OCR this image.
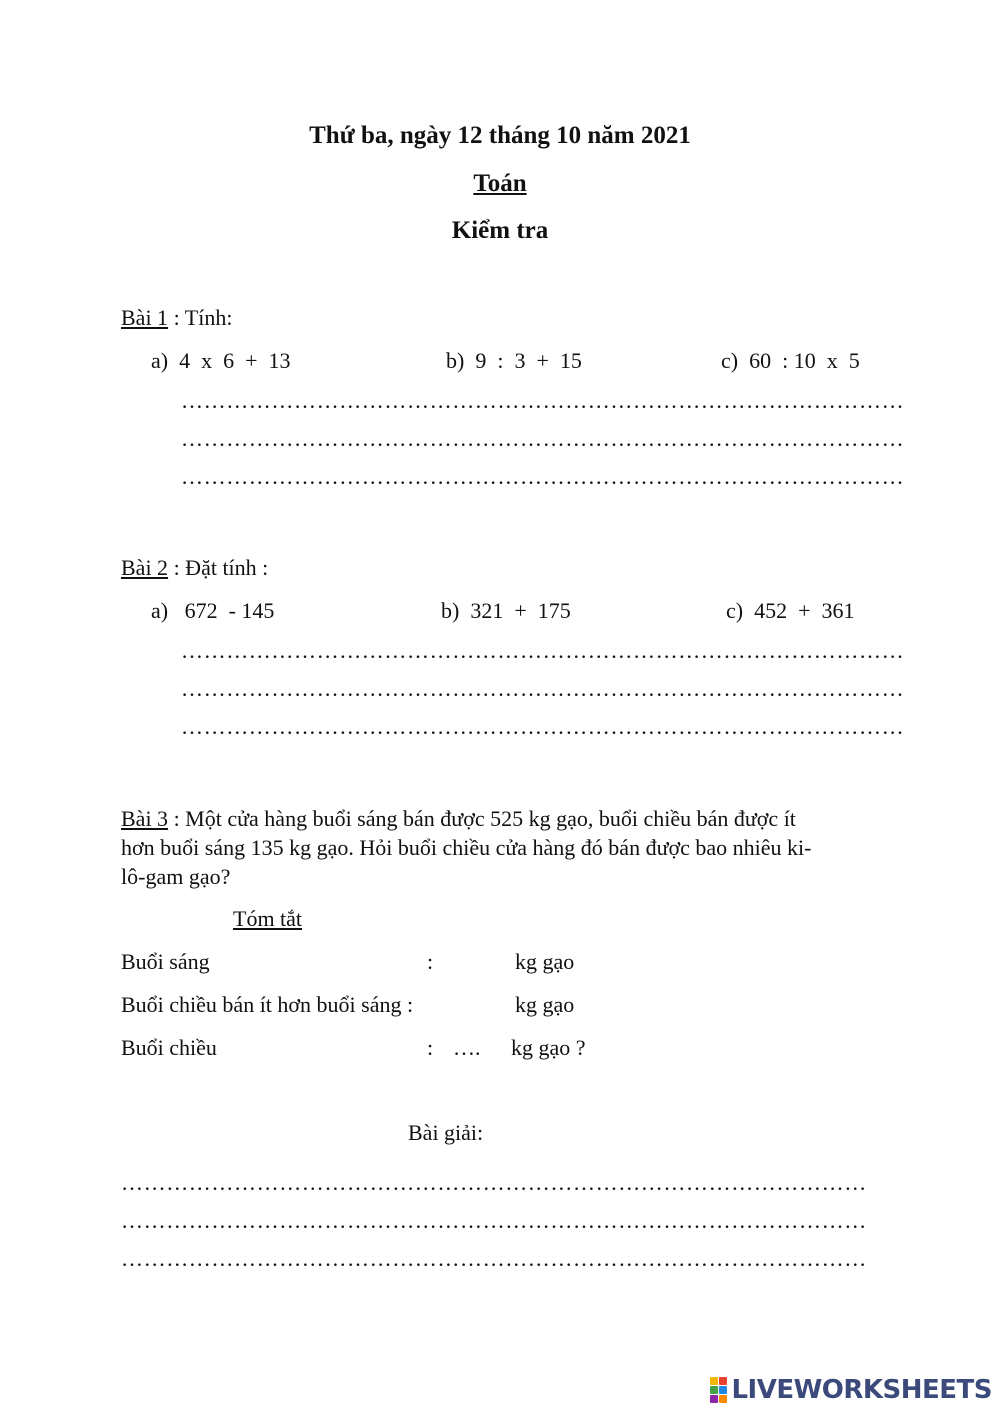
Thứ ba, ngày 12 tháng 10 năm 2021
Toán
Kiểm tra
Bài 1 : Tính:
a)  4  x  6  +  13	b)  9  :  3  +  15	c)  60  : 10  x  5
……………………………………………………………………………………
……………………………………………………………………………………
……………………………………………………………………………………
Bài 2 : Đặt tính :
a)   672  - 145	b)  321  +  175	c)  452  +  361
……………………………………………………………………………………
……………………………………………………………………………………
……………………………………………………………………………………
Bài 3 : Một cửa hàng buổi sáng bán được 525 kg gạo, buổi chiều bán được ít
hơn buổi sáng 135 kg gạo. Hỏi buổi chiều cửa hàng đó bán được bao nhiêu ki-
lô-gam gạo?
Tóm tắt
Buổi sáng	:	kg gạo
Buổi chiều bán ít hơn buổi sáng :	kg gạo
Buổi chiều	: …. kg gạo ?
Bài giải:
………………………………………………………………………………………
………………………………………………………………………………………
………………………………………………………………………………………
LIVEWORKSHEETS
